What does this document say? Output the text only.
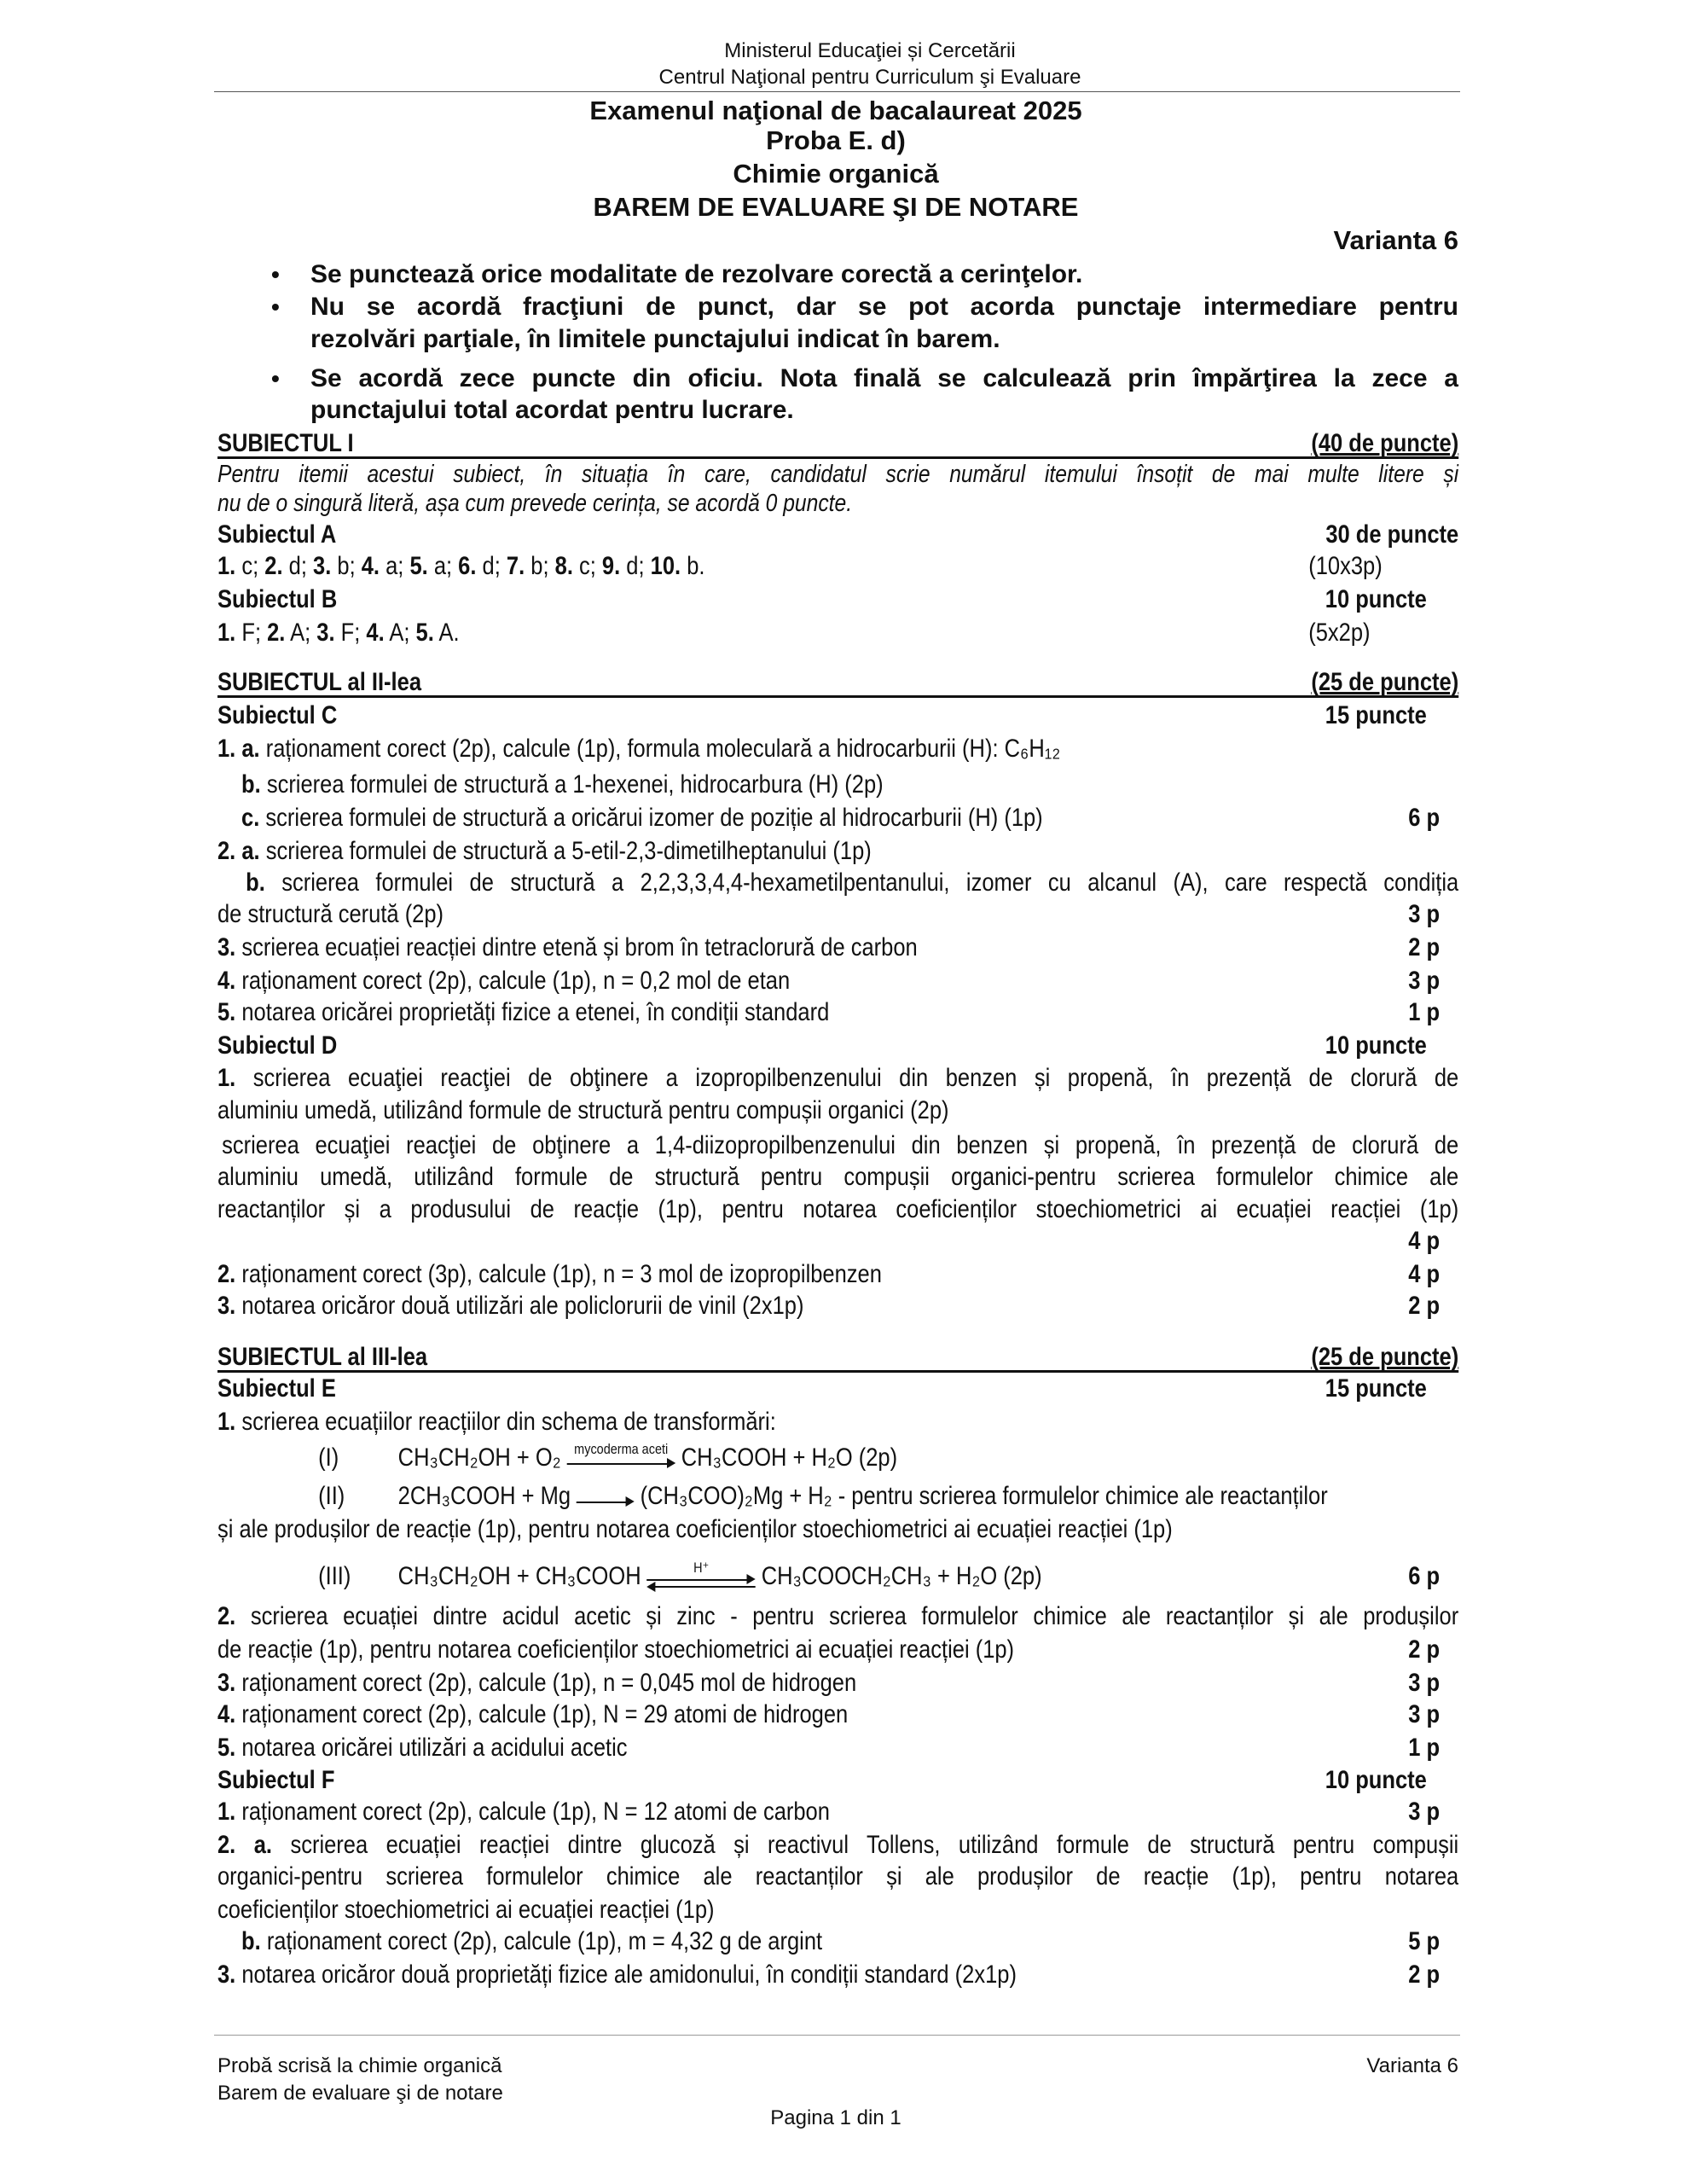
Ministerul Educaţiei și Cercetării
Centrul Naţional pentru Curriculum şi Evaluare
Examenul naţional de bacalaureat 2025
Proba E. d)
Chimie organică
BAREM DE EVALUARE ŞI DE NOTARE
Varianta 6
• Se punctează orice modalitate de rezolvare corectă a cerinţelor.
• Nu se acordă fracţiuni de punct, dar se pot acorda punctaje intermediare pentru
rezolvări parţiale, în limitele punctajului indicat în barem.
• Se acordă zece puncte din oficiu. Nota finală se calculează prin împărţirea la zece a
punctajului total acordat pentru lucrare.
SUBIECTUL I	(40 de puncte)
Pentru itemii acestui subiect, în situația în care, candidatul scrie numărul itemului însoțit de mai multe litere și
nu de o singură literă, așa cum prevede cerința, se acordă 0 puncte.
Subiectul A	30 de puncte
1. c; 2. d; 3. b; 4. a; 5. a; 6. d; 7. b; 8. c; 9. d; 10. b.	(10x3p)
Subiectul B	10 puncte
1. F; 2. A; 3. F; 4. A; 5. A.	(5x2p)
SUBIECTUL al II-lea	(25 de puncte)
Subiectul C	15 puncte
1. a. raționament corect (2p), calcule (1p), formula moleculară a hidrocarburii (H): C₆H₁₂
b. scrierea formulei de structură a 1-hexenei, hidrocarbura (H) (2p)
c. scrierea formulei de structură a oricărui izomer de poziție al hidrocarburii (H) (1p)	6 p
2. a. scrierea formulei de structură a 5-etil-2,3-dimetilheptanului (1p)
b. scrierea formulei de structură a 2,2,3,3,4,4-hexametilpentanului, izomer cu alcanul (A), care respectă condiția
de structură cerută (2p)	3 p
3. scrierea ecuației reacției dintre etenă și brom în tetraclorură de carbon	2 p
4. raționament corect (2p), calcule (1p), n = 0,2 mol de etan	3 p
5. notarea oricărei proprietăți fizice a etenei, în condiții standard	1 p
Subiectul D	10 puncte
1. scrierea ecuaţiei reacţiei de obţinere a izopropilbenzenului din benzen și propenă, în prezență de clorură de
aluminiu umedă, utilizând formule de structură pentru compușii organici (2p)
scrierea ecuaţiei reacţiei de obţinere a 1,4-diizopropilbenzenului din benzen și propenă, în prezență de clorură de
aluminiu umedă, utilizând formule de structură pentru compușii organici-pentru scrierea formulelor chimice ale
reactanților și a produsului de reacție (1p), pentru notarea coeficienților stoechiometrici ai ecuației reacției (1p)
4 p
2. raționament corect (3p), calcule (1p), n = 3 mol de izopropilbenzen	4 p
3. notarea oricăror două utilizări ale policlorurii de vinil (2x1p)	2 p
SUBIECTUL al III-lea	(25 de puncte)
Subiectul E	15 puncte
1. scrierea ecuațiilor reacțiilor din schema de transformări:
(I) CH₃CH₂OH + O₂ mycoderma aceti CH₃COOH + H₂O (2p)
(II) 2CH₃COOH + Mg	(CH₃COO)₂Mg + H₂ - pentru scrierea formulelor chimice ale reactanților
și ale produșilor de reacție (1p), pentru notarea coeficienților stoechiometrici ai ecuației reacției (1p)
(III) CH₃CH₂OH + CH₃COOH	H⁺	CH₃COOCH₂CH₃ + H₂O (2p)	6 p
2. scrierea ecuației dintre acidul acetic și zinc - pentru scrierea formulelor chimice ale reactanților și ale produșilor
de reacție (1p), pentru notarea coeficienților stoechiometrici ai ecuației reacției (1p)	2 p
3. raționament corect (2p), calcule (1p), n = 0,045 mol de hidrogen	3 p
4. raționament corect (2p), calcule (1p), N = 29 atomi de hidrogen	3 p
5. notarea oricărei utilizări a acidului acetic	1 p
Subiectul F	10 puncte
1. raționament corect (2p), calcule (1p), N = 12 atomi de carbon	3 p
2. a. scrierea ecuației reacției dintre glucoză și reactivul Tollens, utilizând formule de structură pentru compușii
organici-pentru scrierea formulelor chimice ale reactanților și ale produșilor de reacție (1p), pentru notarea
coeficienților stoechiometrici ai ecuației reacției (1p)
b. raționament corect (2p), calcule (1p), m = 4,32 g de argint	5 p
3. notarea oricăror două proprietăți fizice ale amidonului, în condiții standard (2x1p)	2 p
Probă scrisă la chimie organică
Barem de evaluare şi de notare
Varianta 6
Pagina 1 din 1
